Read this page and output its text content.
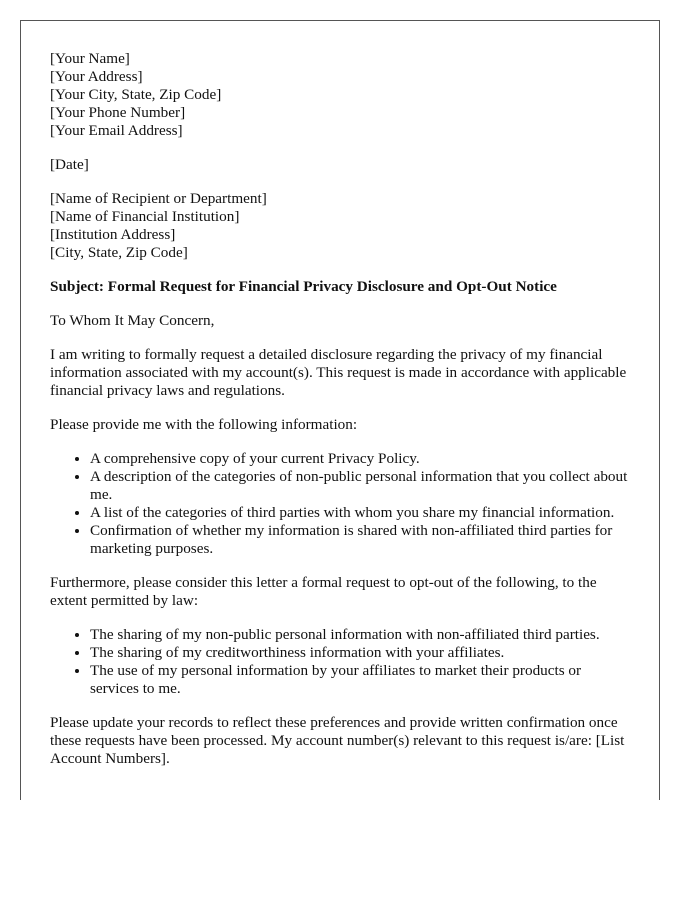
[Your Name]
[Your Address]
[Your City, State, Zip Code]
[Your Phone Number]
[Your Email Address]
[Date]
[Name of Recipient or Department]
[Name of Financial Institution]
[Institution Address]
[City, State, Zip Code]
Subject: Formal Request for Financial Privacy Disclosure and Opt-Out Notice

To Whom It May Concern,

I am writing to formally request a detailed disclosure regarding the privacy of my financial information associated with my account(s). This request is made in accordance with applicable financial privacy laws and regulations.

Please provide me with the following information:

• A comprehensive copy of your current Privacy Policy.
• A description of the categories of non-public personal information that you collect about me.
• A list of the categories of third parties with whom you share my financial information.
• Confirmation of whether my information is shared with non-affiliated third parties for marketing purposes.

Furthermore, please consider this letter a formal request to opt-out of the following, to the extent permitted by law:

• The sharing of my non-public personal information with non-affiliated third parties.
• The sharing of my creditworthiness information with your affiliates.
• The use of my personal information by your affiliates to market their products or services to me.

Please update your records to reflect these preferences and provide written confirmation once these requests have been processed. My account number(s) relevant to this request is/are: [List Account Numbers].
